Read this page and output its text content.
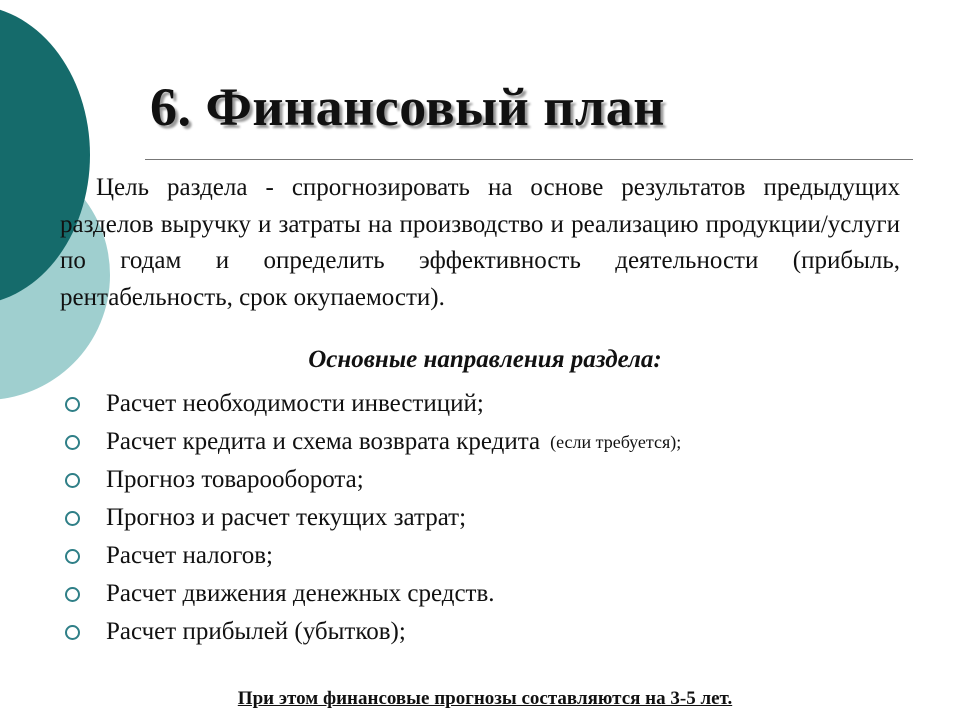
6. Финансовый план

Цель раздела - спрогнозировать на основе результатов предыдущих разделов выручку и затраты на производство и реализацию продукции/услуги по годам и определить эффективность деятельности (прибыль, рентабельность, срок окупаемости).

Основные направления раздела:
Расчет необходимости инвестиций;
Расчет кредита и схема возврата кредита (если требуется);
Прогноз товарооборота;
Прогноз и расчет текущих затрат;
Расчет налогов;
Расчет движения денежных средств.
Расчет прибылей (убытков);
При этом финансовые прогнозы составляются на 3-5 лет.
